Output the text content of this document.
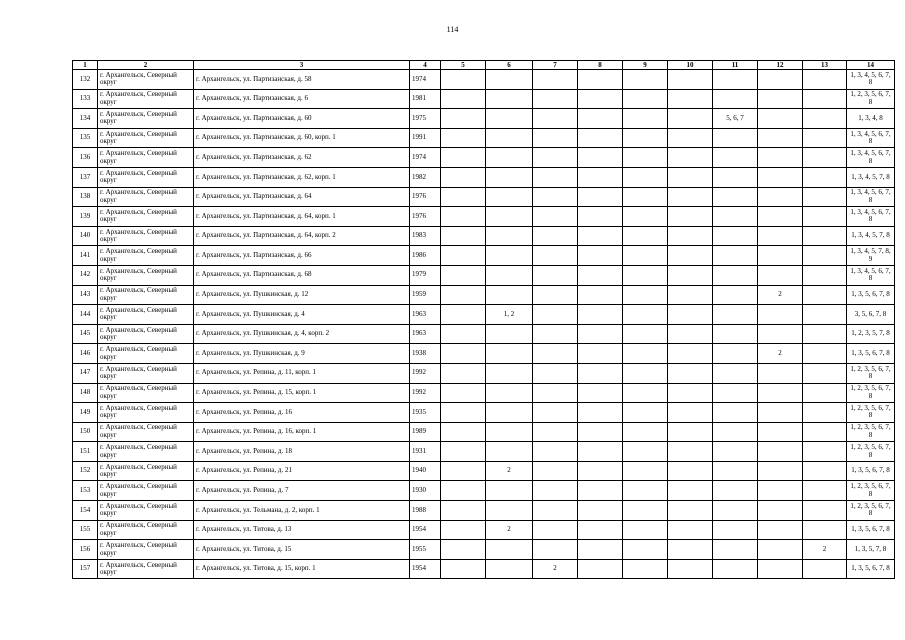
114
1	2	3	4	5	6	7	8	9	10	11	12	13	14
132	г. Архангельск, Северный округ	г. Архангельск, ул. Партизанская, д. 58	1974										1, 3, 4, 5, 6, 7, 8
133	г. Архангельск, Северный округ	г. Архангельск, ул. Партизанская, д. 6	1981										1, 2, 3, 5, 6, 7, 8
134	г. Архангельск, Северный округ	г. Архангельск, ул. Партизанская, д. 60	1975							5, 6, 7			1, 3, 4, 8
135	г. Архангельск, Северный округ	г. Архангельск, ул. Партизанская, д. 60, корп. 1	1991										1, 3, 4, 5, 6, 7, 8
136	г. Архангельск, Северный округ	г. Архангельск, ул. Партизанская, д. 62	1974										1, 3, 4, 5, 6, 7, 8
137	г. Архангельск, Северный округ	г. Архангельск, ул. Партизанская, д. 62, корп. 1	1982										1, 3, 4, 5, 7, 8
138	г. Архангельск, Северный округ	г. Архангельск, ул. Партизанская, д. 64	1976										1, 3, 4, 5, 6, 7, 8
139	г. Архангельск, Северный округ	г. Архангельск, ул. Партизанская, д. 64, корп. 1	1976										1, 3, 4, 5, 6, 7, 8
140	г. Архангельск, Северный округ	г. Архангельск, ул. Партизанская, д. 64, корп. 2	1983										1, 3, 4, 5, 7, 8
141	г. Архангельск, Северный округ	г. Архангельск, ул. Партизанская, д. 66	1986										1, 3, 4, 5, 7, 8, 9
142	г. Архангельск, Северный округ	г. Архангельск, ул. Партизанская, д. 68	1979										1, 3, 4, 5, 6, 7, 8
143	г. Архангельск, Северный округ	г. Архангельск, ул. Пушкинская, д. 12	1959								2		1, 3, 5, 6, 7, 8
144	г. Архангельск, Северный округ	г. Архангельск, ул. Пушкинская, д. 4	1963		1, 2								3, 5, 6, 7, 8
145	г. Архангельск, Северный округ	г. Архангельск, ул. Пушкинская, д. 4, корп. 2	1963										1, 2, 3, 5, 7, 8
146	г. Архангельск, Северный округ	г. Архангельск, ул. Пушкинская, д. 9	1938								2		1, 3, 5, 6, 7, 8
147	г. Архангельск, Северный округ	г. Архангельск, ул. Репина, д. 11, корп. 1	1992										1, 2, 3, 5, 6, 7, 8
148	г. Архангельск, Северный округ	г. Архангельск, ул. Репина, д. 15, корп. 1	1992										1, 2, 3, 5, 6, 7, 8
149	г. Архангельск, Северный округ	г. Архангельск, ул. Репина, д. 16	1935										1, 2, 3, 5, 6, 7, 8
150	г. Архангельск, Северный округ	г. Архангельск, ул. Репина, д. 16, корп. 1	1989										1, 2, 3, 5, 6, 7, 8
151	г. Архангельск, Северный округ	г. Архангельск, ул. Репина, д. 18	1931										1, 2, 3, 5, 6, 7, 8
152	г. Архангельск, Северный округ	г. Архангельск, ул. Репина, д. 21	1940		2								1, 3, 5, 6, 7, 8
153	г. Архангельск, Северный округ	г. Архангельск, ул. Репина, д. 7	1930										1, 2, 3, 5, 6, 7, 8
154	г. Архангельск, Северный округ	г. Архангельск, ул. Тельмана, д. 2, корп. 1	1988										1, 2, 3, 5, 6, 7, 8
155	г. Архангельск, Северный округ	г. Архангельск, ул. Титова, д. 13	1954		2								1, 3, 5, 6, 7, 8
156	г. Архангельск, Северный округ	г. Архангельск, ул. Титова, д. 15	1955									2	1, 3, 5, 7, 8
157	г. Архангельск, Северный округ	г. Архангельск, ул. Титова, д. 15, корп. 1	1954			2							1, 3, 5, 6, 7, 8
